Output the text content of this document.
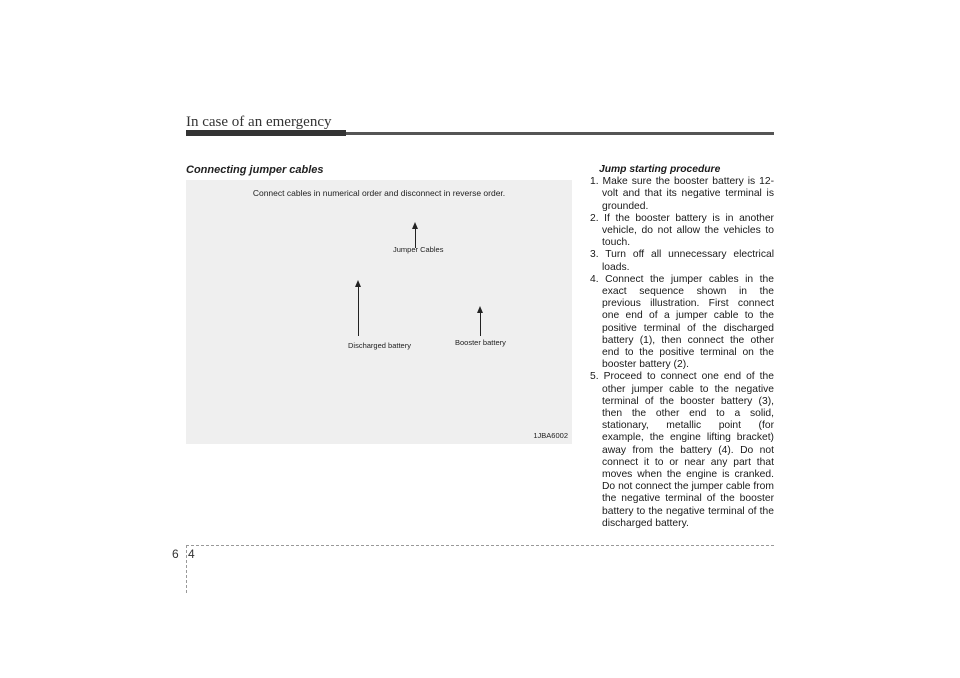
In case of an emergency
Connecting jumper cables
Connect cables in numerical order and disconnect in reverse order.
Jumper Cables
Discharged battery	Booster battery
1JBA6002
Jump starting procedure
1. Make sure the booster battery is 12-volt and that its negative terminal is grounded.
2. If the booster battery is in another vehicle, do not allow the vehicles to touch.
3. Turn off all unnecessary electrical loads.
4. Connect the jumper cables in the exact sequence shown in the previous illustration. First connect one end of a jumper cable to the positive terminal of the discharged battery (1), then connect the other end to the positive terminal on the booster battery (2).
5. Proceed to connect one end of the other jumper cable to the negative terminal of the booster battery (3), then the other end to a solid, stationary, metallic point (for example, the engine lifting bracket) away from the battery (4). Do not connect it to or near any part that moves when the engine is cranked. Do not connect the jumper cable from the negative terminal of the booster battery to the negative terminal of the discharged battery.
6 4
